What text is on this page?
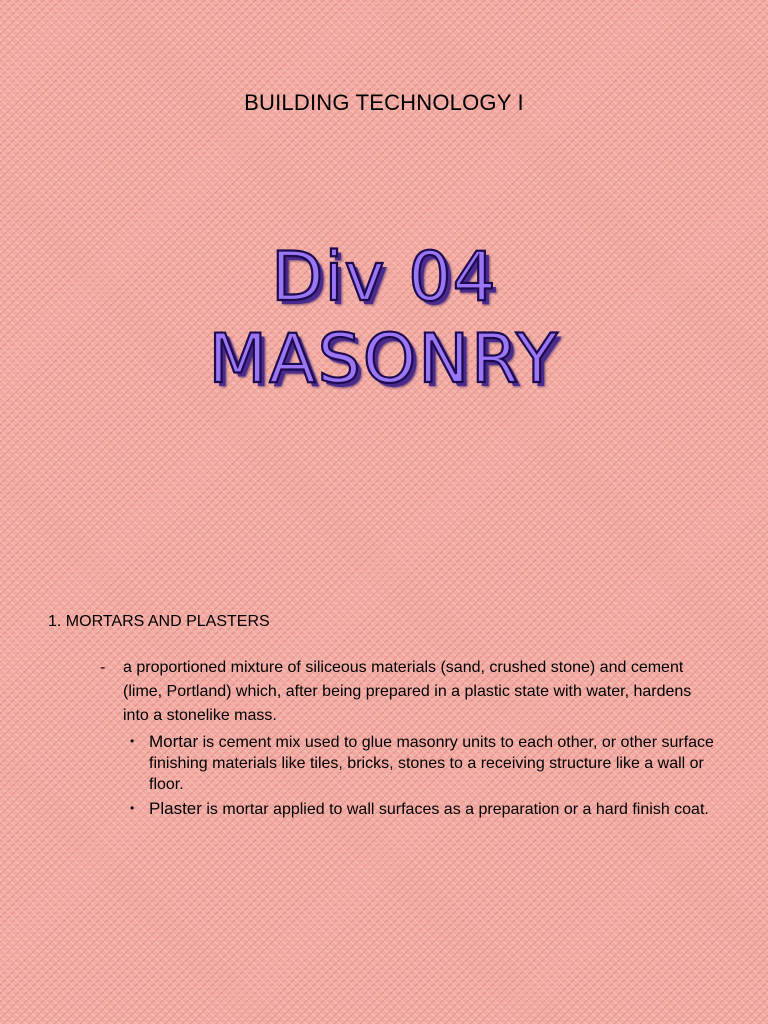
BUILDING TECHNOLOGY I
Div 04
MASONRY
1. MORTARS AND PLASTERS
- a proportioned mixture of siliceous materials (sand, crushed stone) and cement (lime, Portland) which, after being prepared in a plastic state with water, hardens into a stonelike mass.
• Mortar is cement mix used to glue masonry units to each other, or other surface finishing materials like tiles, bricks, stones to a receiving structure like a wall or floor.
• Plaster is mortar applied to wall surfaces as a preparation or a hard finish coat.
